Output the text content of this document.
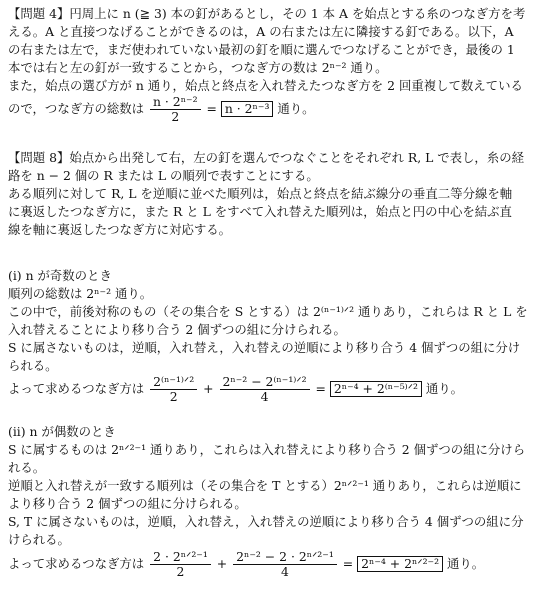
【問題 4】円周上に n (≧ 3) 本の釘があるとし，その 1 本 A を始点とする糸のつなぎ方を考
える。A と直接つなげることができるのは，A の右または左に隣接する釘である。以下，A
の右または左で，まだ使われていない最初の釘を順に選んでつなげることができ，最後の 1
本では右と左の釘が一致することから，つなぎ方の数は 2ⁿ⁻² 通り。
また，始点の選び方が n 通り，始点と終点を入れ替えたつなぎ方を 2 回重複して数えている
ので，つなぎ方の総数は $\frac{\text{n · 2ⁿ⁻²}}{2} = n \cdot 2^{n-3}$ 通り。
【問題 8】始点から出発して右，左の釘を選んでつなぐことをそれぞれ R, L で表し，糸の経
路を n − 2 個の R または L の順列で表すことにする。
ある順列に対して R, L を逆順に並べた順列は，始点と終点を結ぶ線分の垂直二等分線を軸
に裏返したつなぎ方に，また R と L をすべて入れ替えた順列は，始点と円の中心を結ぶ直
線を軸に裏返したつなぎ方に対応する。
(i) n が奇数のとき
順列の総数は 2ⁿ⁻² 通り。
この中で，前後対称のもの（その集合を S とする）は 2⁽ⁿ⁻¹⁾ᐟ² 通りあり，これらは R と L を
入れ替えることにより移り合う 2 個ずつの組に分けられる。
S に属さないものは，逆順，入れ替え，入れ替えの逆順により移り合う 4 個ずつの組に分け
られる。
よって求めるつなぎ方は $\frac{\text{2⁽ⁿ⁻¹⁾ᐟ²}}{2} + \frac{\text{2ⁿ⁻² − 2⁽ⁿ⁻¹⁾ᐟ²}}{4} = 2^{n-4}$ + 2⁽ⁿ⁻⁵⁾ᐟ² 通り。
(ii) n が偶数のとき
S に属するものは 2ⁿᐟ²⁻¹ 通りあり，これらは入れ替えにより移り合う 2 個ずつの組に分けら
れる。
逆順と入れ替えが一致する順列は（その集合を T とする）2ⁿᐟ²⁻¹ 通りあり，これらは逆順に
より移り合う 2 個ずつの組に分けられる。
S, T に属さないものは，逆順，入れ替え，入れ替えの逆順により移り合う 4 個ずつの組に分
けられる。
よって求めるつなぎ方は $\frac{\text{2 · 2ⁿᐟ²⁻¹}}{2} + \frac{\text{2ⁿ⁻² − 2 · 2ⁿᐟ²⁻¹}}{4} = 2^{n-4}$ + 2ⁿᐟ²⁻² 通り。
